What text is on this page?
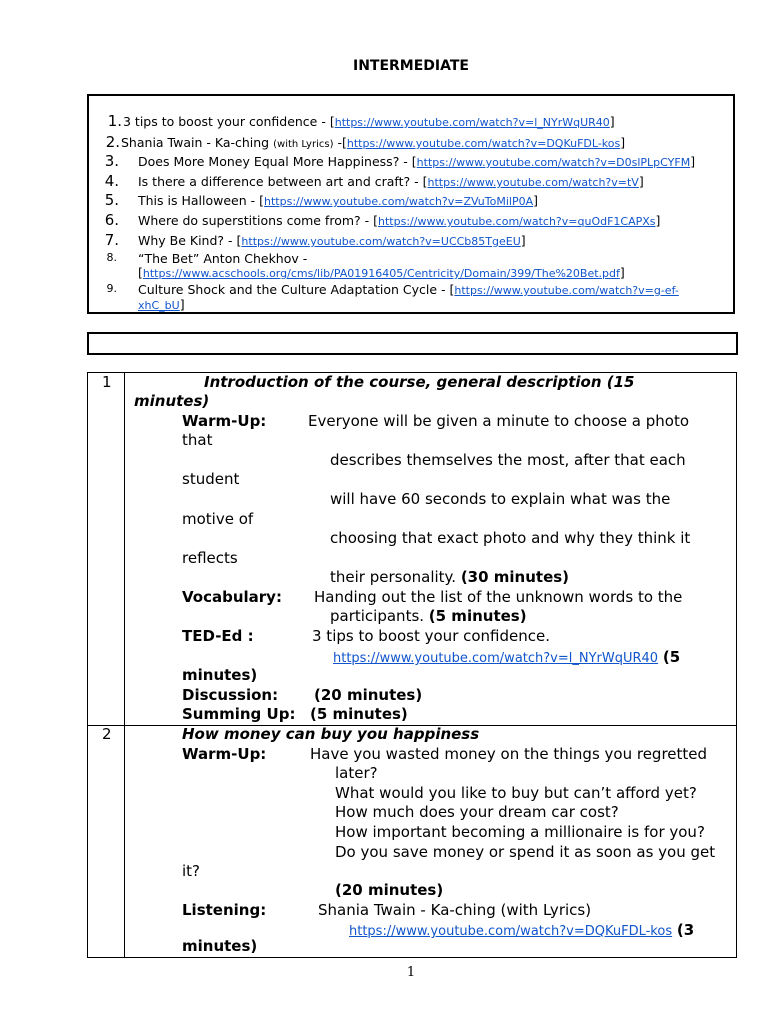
INTERMEDIATE
1. 3 tips to boost your confidence - [https://www.youtube.com/watch?v=l_NYrWqUR40]
2. Shania Twain - Ka-ching (with Lyrics) -[https://www.youtube.com/watch?v=DQKuFDL-kos]
3. Does More Money Equal More Happiness? - [https://www.youtube.com/watch?v=D0slPLpCYFM]
4. Is there a difference between art and craft? - [https://www.youtube.com/watch?v=tV]
5. This is Halloween - [https://www.youtube.com/watch?v=ZVuToMilP0A]
6. Where do superstitions come from? - [https://www.youtube.com/watch?v=quOdF1CAPXs]
7. Why Be Kind? - [https://www.youtube.com/watch?v=UCCb85TgeEU]
8. “The Bet” Anton Chekhov -
[https://www.acschools.org/cms/lib/PA01916405/Centricity/Domain/399/The%20Bet.pdf]
9. Culture Shock and the Culture Adaptation Cycle - [https://www.youtube.com/watch?v=g-ef-
xhC_bU]
1	Introduction of the course, general description (15
minutes)
Warm-Up:	Everyone will be given a minute to choose a photo
that
describes themselves the most, after that each
student
will have 60 seconds to explain what was the
motive of
choosing that exact photo and why they think it
reflects
their personality. (30 minutes)
Vocabulary: Handing out the list of the unknown words to the
participants. (5 minutes)
TED-Ed :	3 tips to boost your confidence.
https://www.youtube.com/watch?v=l_NYrWqUR40 (5
minutes)
Discussion: (20 minutes)
Summing Up: (5 minutes)
2	How money can buy you happiness
Warm-Up:	Have you wasted money on the things you regretted
later?
What would you like to buy but can’t afford yet?
How much does your dream car cost?
How important becoming a millionaire is for you?
Do you save money or spend it as soon as you get
it?
(20 minutes)
Listening:	Shania Twain - Ka-ching (with Lyrics)
https://www.youtube.com/watch?v=DQKuFDL-kos (3
minutes)
1
